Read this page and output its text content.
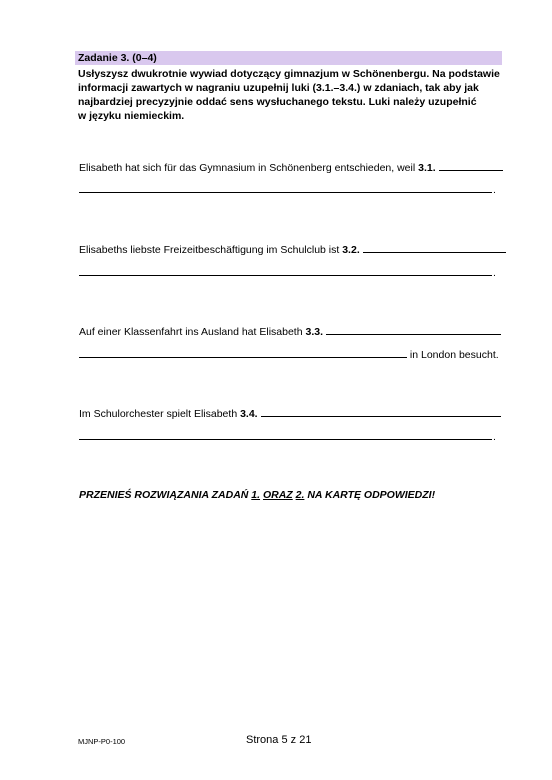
Zadanie 3. (0–4)
Usłyszysz dwukrotnie wywiad dotyczący gimnazjum w Schönenbergu. Na podstawie
informacji zawartych w nagraniu uzupełnij luki (3.1.–3.4.) w zdaniach, tak aby jak
najbardziej precyzyjnie oddać sens wysłuchanego tekstu. Luki należy uzupełnić
w języku niemieckim.
Elisabeth hat sich für das Gymnasium in Schönenberg entschieden, weil 3.1.
.
Elisabeths liebste Freizeitbeschäftigung im Schulclub ist 3.2.
.
Auf einer Klassenfahrt ins Ausland hat Elisabeth 3.3.
in London besucht.
Im Schulorchester spielt Elisabeth 3.4.
.
PRZENIEŚ ROZWIĄZANIA ZADAŃ 1. ORAZ 2. NA KARTĘ ODPOWIEDZI!
MJNP-P0-100	Strona 5 z 21
